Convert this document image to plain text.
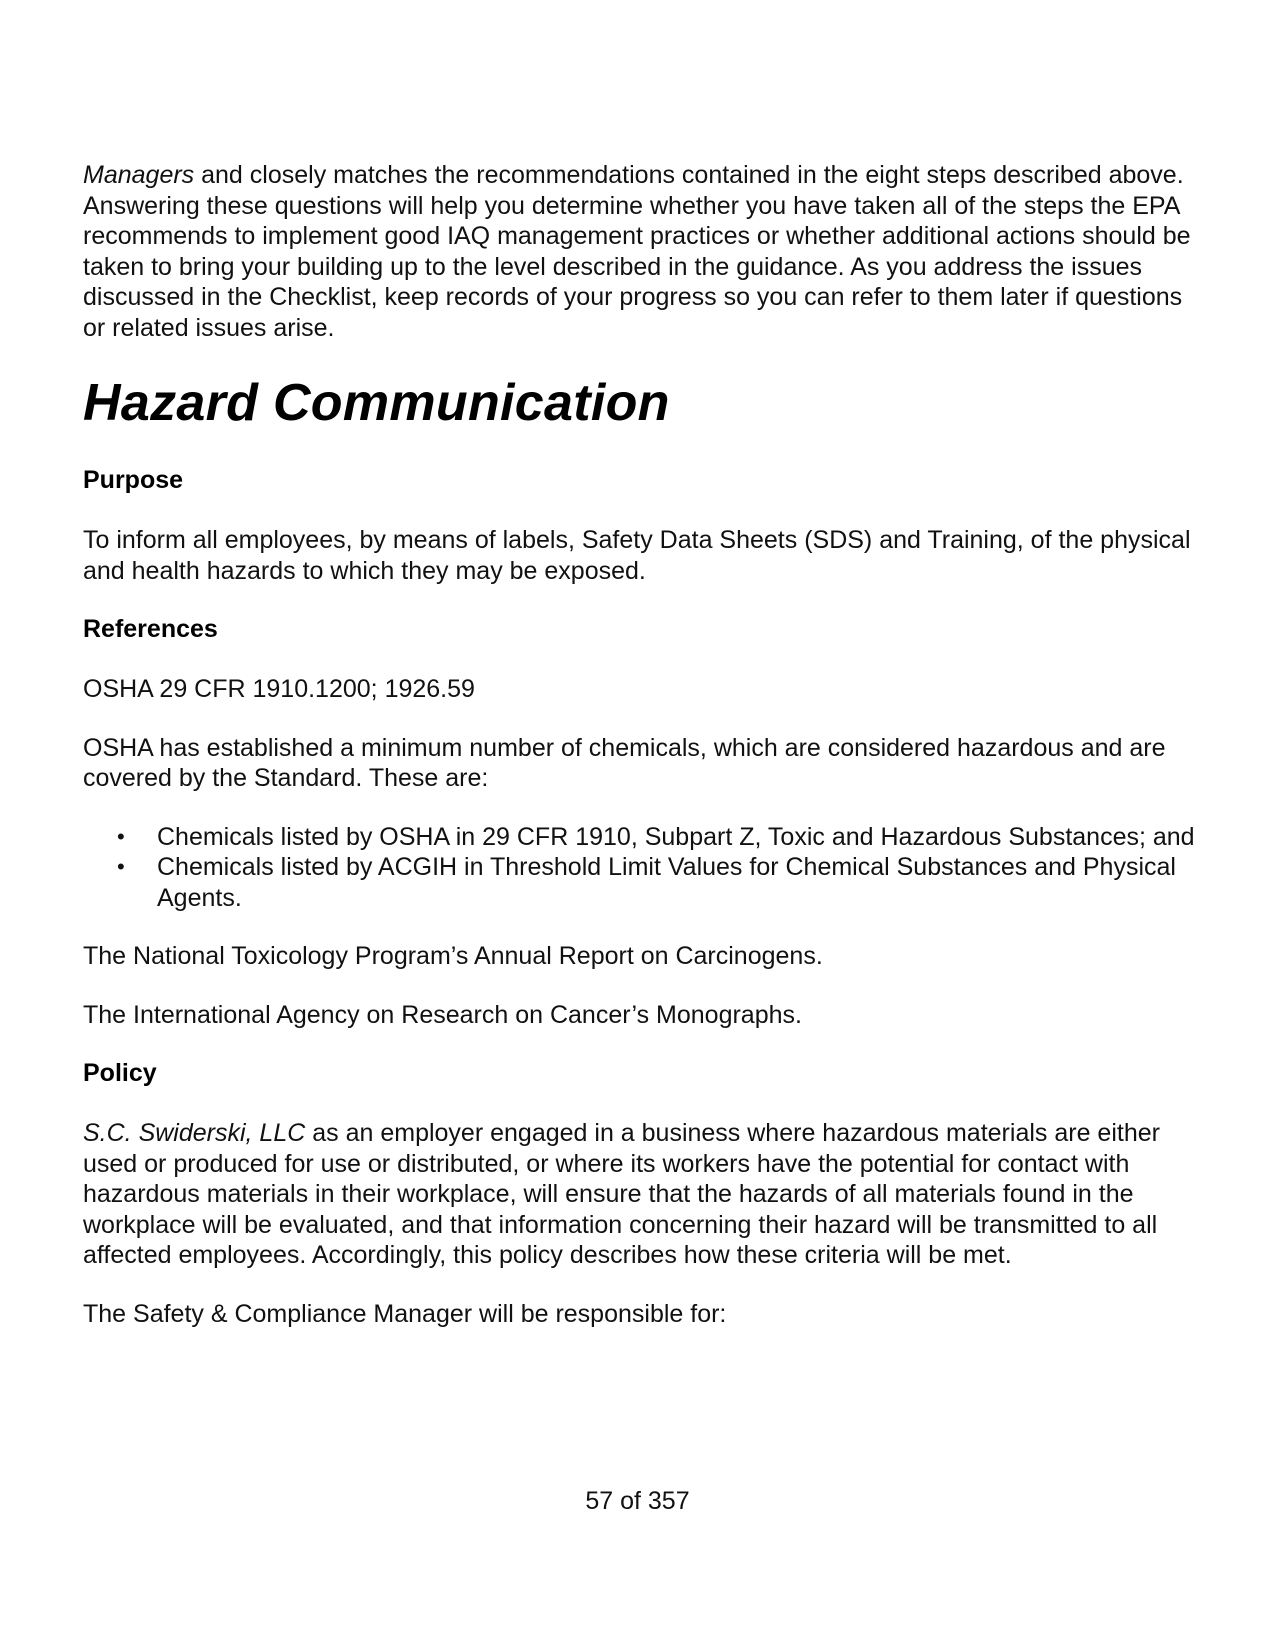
Managers and closely matches the recommendations contained in the eight steps described above. Answering these questions will help you determine whether you have taken all of the steps the EPA recommends to implement good IAQ management practices or whether additional actions should be taken to bring your building up to the level described in the guidance. As you address the issues discussed in the Checklist, keep records of your progress so you can refer to them later if questions or related issues arise.

Hazard Communication
Purpose

To inform all employees, by means of labels, Safety Data Sheets (SDS) and Training, of the physical and health hazards to which they may be exposed.

References

OSHA 29 CFR 1910.1200; 1926.59

OSHA has established a minimum number of chemicals, which are considered hazardous and are covered by the Standard. These are:

• Chemicals listed by OSHA in 29 CFR 1910, Subpart Z, Toxic and Hazardous Substances; and
• Chemicals listed by ACGIH in Threshold Limit Values for Chemical Substances and Physical Agents.

The National Toxicology Program’s Annual Report on Carcinogens.

The International Agency on Research on Cancer’s Monographs.

Policy

S.C. Swiderski, LLC as an employer engaged in a business where hazardous materials are either used or produced for use or distributed, or where its workers have the potential for contact with hazardous materials in their workplace, will ensure that the hazards of all materials found in the workplace will be evaluated, and that information concerning their hazard will be transmitted to all affected employees. Accordingly, this policy describes how these criteria will be met.

The Safety & Compliance Manager will be responsible for:

57 of 357
